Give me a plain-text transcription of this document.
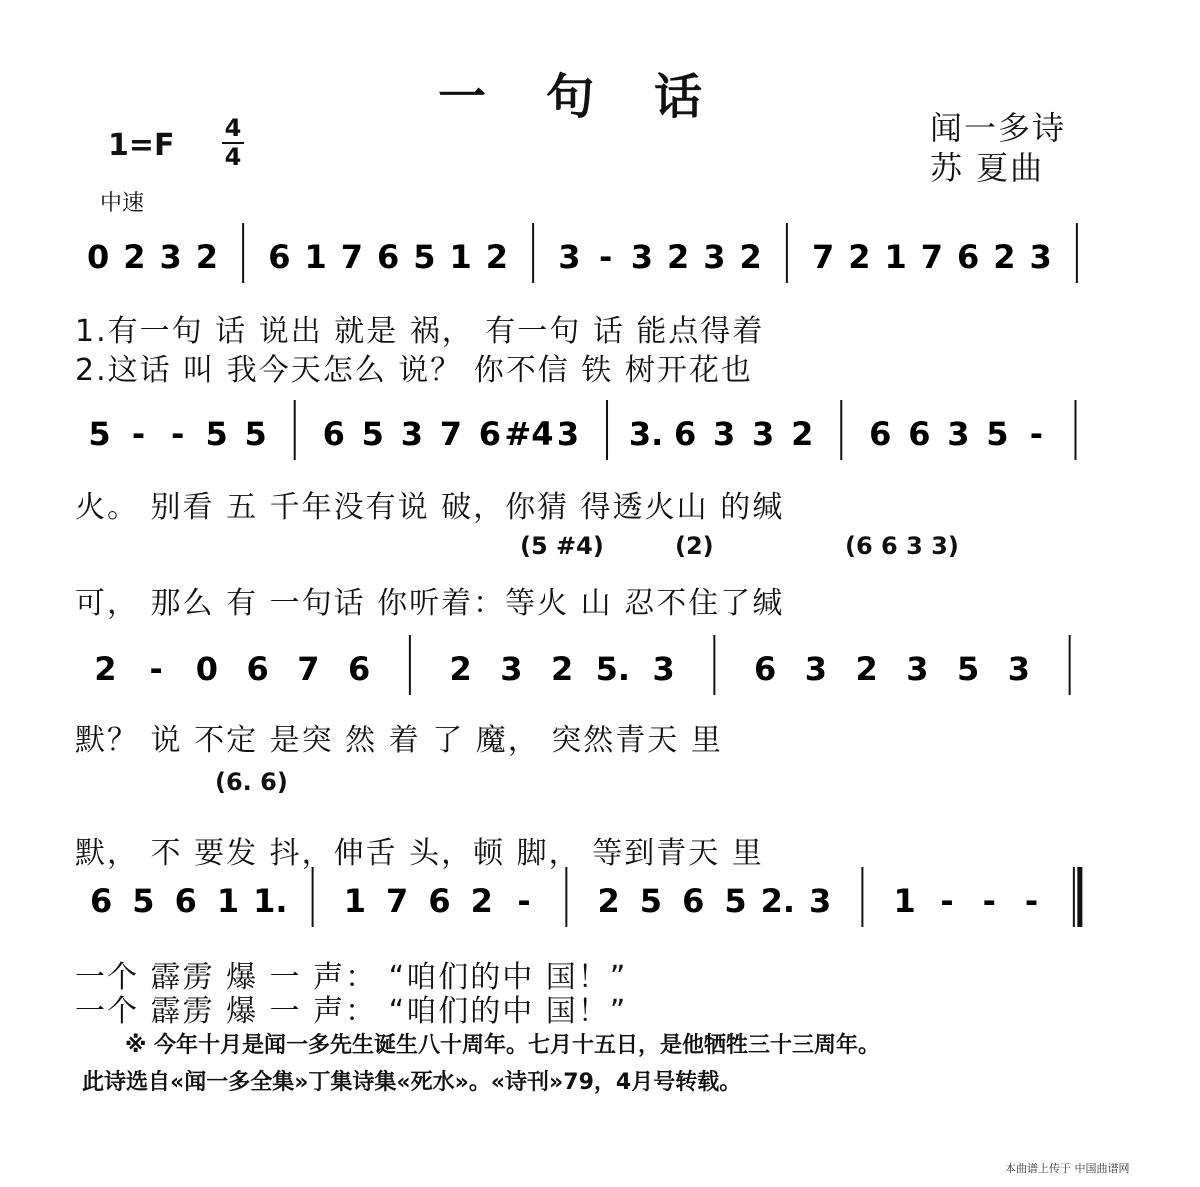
一句话
闻一多诗
苏 夏曲
1=F 4
4
中速
0 2 3 2 6 1 7 6 5 1 2 3 - 3 2 3 2 7 2 1 7 6 2 3
5 - - 5 5 6 5 3 7 6 #4 3 3. 6 3 3 2 6 6 3 5 -
2 - 0 6 7 6 2 3 2 5. 3 6 3 2 3 5 3
6 5 6 1 1. 1 7 6 2 - 2 5 6 5 2. 3 1 - - -
1.有一句 话 说出 就是 祸， 有一句 话 能点得着
2.这话 叫 我今天怎么 说？ 你不信 铁 树开花也
火。 别看 五 千年没有说 破，你猜 得透火山 的缄
可， 那么 有 一句话 你听着：等火 山 忍不住了缄
默？ 说 不定 是突 然 着 了 魔， 突然青天 里
默， 不 要发 抖，伸舌 头，顿 脚， 等到青天 里
一个 霹雳 爆 一 声： “咱们的中 国！”
一个 霹雳 爆 一 声： “咱们的中 国！”
(5 #4)	(2)	(6 6 3 3)
(6. 6)
※ 今年十月是闻一多先生诞生八十周年。七月十五日，是他牺牲三十三周年。
此诗选自«闻一多全集»丁集诗集«死水»。«诗刊»79，4月号转载。
本曲谱上传于 中国曲谱网
